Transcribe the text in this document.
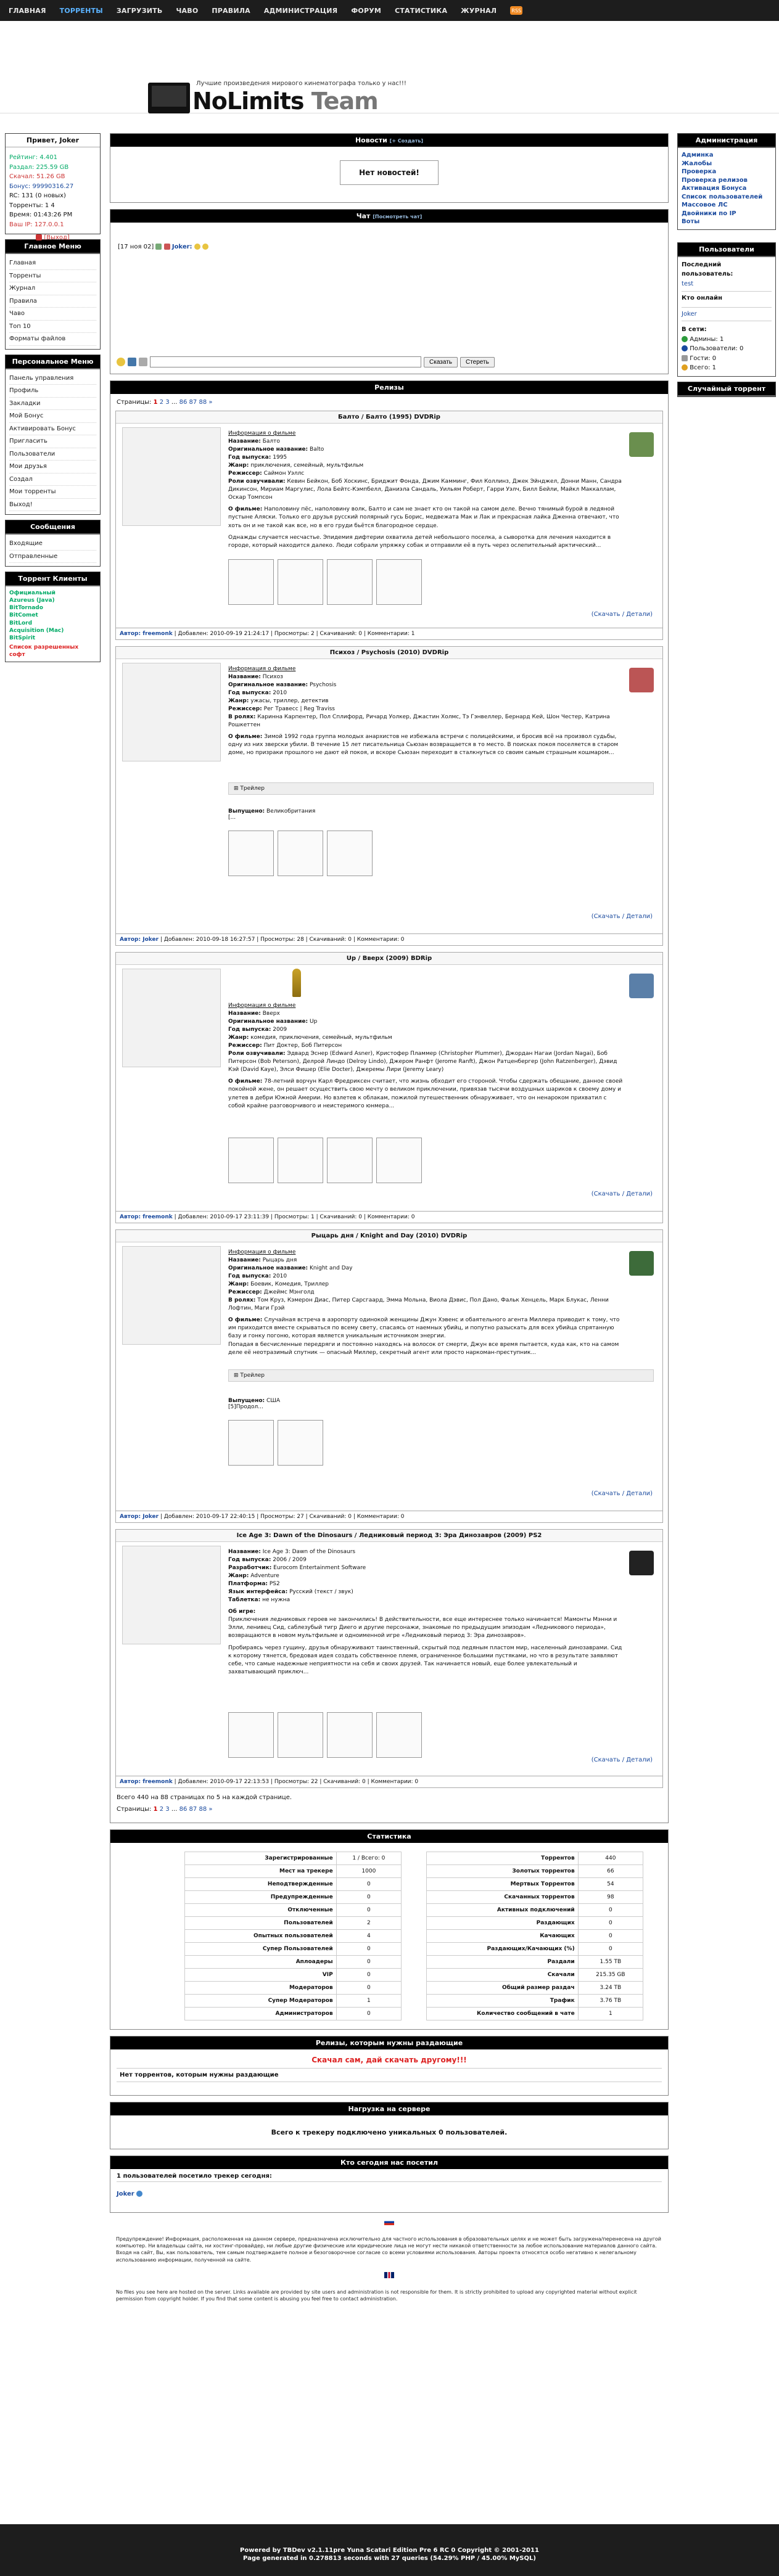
ГЛАВНАЯ	ТОРРЕНТЫ	ЗАГРУЗИТЬ	ЧАВО	ПРАВИЛА	АДМИНИСТРАЦИЯ	ФОРУМ	СТАТИСТИКА	ЖУРНАЛ	RSS
Лучшие произведения мирового кинематографа только у нас!!!
NoLimits Team
Привет, Joker
Рейтинг: 4.401
Раздал: 225.59 GB
Скачал: 51.26 GB
Бонус: 99990316.27
RC: 131 (0 новых)
Торренты: 1 4
Время: 01:43:26 PM
Ваш IP: 127.0.0.1
[Выход]
Главное Меню
Главная
Торренты
Журнал
Правила
Чаво
Топ 10
Форматы файлов
Персональное Меню
Панель управления
Профиль
Закладки
Мой Бонус
Активировать Бонус
Пригласить
Пользователи
Мои друзья
Создал
Мои торренты
Выход!
Сообщения
Входящие
Отправленные
Торрент Клиенты
Официальный
Azureus (Java)
BitTornado
BitComet
BitLord
Acquisition (Mac)
BitSpirit
Список разрешенных софт
Администрация
Админка
Жалобы
Проверка
Проверка релизов
Активация Бонуса
Список пользователей
Массовое ЛС
Двойники по IP
Воты
Пользователи
Последний пользователь:
test
Кто онлайн
Joker
В сети:
Админы: 1
Пользователи: 0
Гости: 0
Всего: 1
Случайный торрент
Новости [+ Создать]
Нет новостей!
Чат [Посмотреть чат]
[17 ноя 02]	Joker:
Сказать	Стереть
Релизы
Страницы: 1 2 3 ... 86 87 88 »
Балто / Балто (1995) DVDRip
Информация о фильме
Название: Балто
Оригинальное название: Balto
Год выпуска: 1995
Жанр: приключения, семейный, мультфильм
Режиссер: Саймон Уэллс
Роли озвучивали: Кевин Бейкон, Боб Хоскинс, Бриджит Фонда, Джим Камминг, Фил Коллинз, Джек Эйнджел, Донни Манн, Сандра Дикинсон, Мириам Маргулис, Лола Бейтс-Кэмпбелл, Даниэла Сандаль, Уильям Роберт, Гарри Уэлч, Билл Бейли, Майкл Маккаллам, Оскар Томпсон
О фильме: Наполовину пёс, наполовину волк, Балто и сам не знает кто он такой на самом деле. Вечно тянимый бурой в ледяной пустыне Аляски. Только его друзья русский полярный гусь Борис, медвежата Мак и Лак и прекрасная лайка Дженна отвечают, что хоть он и не такой как все, но в его груди бьётся благородное сердце.
Однажды случается несчастье. Эпидемия дифтерии охватила детей небольшого поселка, а сыворотка для лечения находится в городе, который находится далеко. Люди собрали упряжку собак и отправили её в путь через ослепительный арктический...
(Скачать / Детали)
Автор: freemonk | Добавлен: 2010-09-19 21:24:17 | Просмотры: 2 | Скачиваний: 0 | Комментарии: 1
Психоз / Psychosis (2010) DVDRip
Информация о фильме
Название: Психоз
Оригинальное название: Psychosis
Год выпуска: 2010
Жанр: ужасы, триллер, детектив
Режиссер: Рег Травесс | Reg Traviss
В ролях: Каринна Карпентер, Пол Сплифорд, Ричард Уолкер, Джастин Холмс, Тэ Гэнвеллер, Бернард Кей, Шон Честер, Катрина Рошкеттен
О фильме: Зимой 1992 года группа молодых анархистов не избежала встречи с полицейскими, и бросив всё на произвол судьбы, одну из них зверски убили. В течение 15 лет писательница Сьюзан возвращается в то место. В поисках покоя поселяется в старом доме, но призраки прошлого не дают ей покоя, и вскоре Сьюзан переходит в сталкнуться со своим самым страшным кошмаром...
⊞ Трейлер
Выпущено: Великобритания
[...
(Скачать / Детали)
Автор: Joker | Добавлен: 2010-09-18 16:27:57 | Просмотры: 28 | Скачиваний: 0 | Комментарии: 0
Up / Вверх (2009) BDRip
Информация о фильме
Название: Вверх
Оригинальное название: Up
Год выпуска: 2009
Жанр: комедия, приключения, семейный, мультфильм
Режиссер: Пит Доктер, Боб Питерсон
Роли озвучивали: Эдвард Эснер (Edward Asner), Кристофер Пламмер (Christopher Plummer), Джордан Нагаи (Jordan Nagai), Боб Питерсон (Bob Peterson), Делрой Линдо (Delroy Lindo), Джером Ранфт (Jerome Ranft), Джон Ратценбергер (John Ratzenberger), Дэвид Кэй (David Kaye), Элси Фишер (Elie Docter), Джеремы Лири (Jeremy Leary)
О фильме: 78-летний ворчун Карл Фредриксен считает, что жизнь обходит его стороной. Чтобы сдержать обещание, данное своей покойной жене, он решает осуществить свою мечту о великом приключении, привязав тысячи воздушных шариков к своему дому и улетев в дебри Южной Америи. Но взлетев к облакам, пожилой путешественник обнаруживает, что он ненароком прихватил с собой крайне разговорчивого и неистеримого юнмера...
(Скачать / Детали)
Автор: freemonk | Добавлен: 2010-09-17 23:11:39 | Просмотры: 1 | Скачиваний: 0 | Комментарии: 0
Рыцарь дня / Knight and Day (2010) DVDRip
Информация о фильме
Название: Рыцарь дня
Оригинальное название: Knight and Day
Год выпуска: 2010
Жанр: Боевик, Комедия, Триллер
Режиссер: Джеймс Мэнголд
В ролях: Том Круз, Кэмерон Диас, Питер Сарсгаард, Эмма Мольна, Виола Дэвис, Пол Дано, Фальк Хенцель, Марк Блукас, Ленни Лофтин, Маги Грэй
О фильме: Случайная встреча в аэропорту одинокой женщины Джун Хэвенс и обаятельного агента Миллера приводит к тому, что им приходится вместе скрываться по всему свету, спасаясь от наемных убийц, и попутно разыскать для всех убийца спрятанную базу и гонку погоню, которая является уникальным источником энергии.
Попадая в бесчисленные передряги и постоянно находясь на волосок от смерти, Джун все время пытается, куда как, кто на самом деле её неотразимый спутник — опасный Миллер, секретный агент или просто наркоман-преступник...
⊞ Трейлер
Выпущено: США
[5]Продол...
(Скачать / Детали)
Автор: Joker | Добавлен: 2010-09-17 22:40:15 | Просмотры: 27 | Скачиваний: 0 | Комментарии: 0
Ice Age 3: Dawn of the Dinosaurs / Ледниковый период 3: Эра Динозавров (2009) PS2
Название: Ice Age 3: Dawn of the Dinosaurs
Год выпуска: 2006 / 2009
Разработчик: Eurocom Entertainment Software
Жанр: Adventure
Платформа: PS2
Язык интерфейса: Русский (текст / звук)
Таблетка: не нужна
Об игре:
Приключения ледниковых героев не закончились! В действительности, все еще интереснее только начинается! Мамонты Мэнни и Элли, ленивец Сид, саблезубый тигр Диего и другие персонажи, знакомые по предыдущим эпизодам «Ледникового периода», возвращаются в новом мультфильме и одноименной игре «Ледниковый период 3: Эра динозавров».
Пробираясь через гущину, друзья обнаруживают таинственный, скрытый под ледяным пластом мир, населенный динозаврами. Сид к которому тянется, бредовая идея создать собственное племя, ограниченное большими пустяками, но что в результате заявляют себе, что самые надежные неприятности на себя и своих друзей. Так начинается новый, еще более увлекательный и захватывающий приключ...
(Скачать / Детали)
Автор: freemonk | Добавлен: 2010-09-17 22:13:53 | Просмотры: 22 | Скачиваний: 0 | Комментарии: 0
Всего 440 на 88 страницах по 5 на каждой странице.
Страницы: 1 2 3 ... 86 87 88 »
Статистика
Зарегистрированные	1 / Всего: 0
Мест на трекере	1000
Неподтвержденные	0
Предупрежденные	0
Отключенные	0
Пользователей	2
Опытных пользователей	4
Супер Пользователей	0
Аплоадеры	0
VIP	0
Модераторов	0
Супер Модераторов	1
Администраторов	0
Торрентов	440
Золотых торрентов	66
Мертвых Торрентов	54
Скачанных торрентов	98
Активных подключений	0
Раздающих	0
Качающих	0
Раздающих/Качающих (%)	0
Раздали	1.55 TB
Скачали	215.35 GB
Общий размер раздач	3.24 TB
Трафик	3.76 TB
Количество сообщений в чате	1
Релизы, которым нужны раздающие
Скачал сам, дай скачать другому!!!
Нет торрентов, которым нужны раздающие
Нагрузка на сервере
Всего к трекеру подключено уникальных 0 пользователей.
Кто сегодня нас посетил
1 пользователей посетило трекер сегодня:
Joker
Предупреждение! Информация, расположенная на данном сервере, предназначена исключительно для частного использования в образовательных целях и не может быть загружена/перенесена на другой компьютер. Ни владельцы сайта, ни хостинг-провайдер, ни любые другие физические или юридические лица не могут нести никакой ответственности за любое использование материалов данного сайта. Входя на сайт, Вы, как пользователь, тем самым подтверждаете полное и безоговорочное согласие со всеми условиями использования. Авторы проекта относятся особо негативно к нелегальному использованию информации, полученной на сайте.
No files you see here are hosted on the server. Links available are provided by site users and administration is not responsible for them. It is strictly prohibited to upload any copyrighted material without explicit permission from copyright holder. If you find that some content is abusing you feel free to contact administration.
Powered by TBDev v2.1.11pre Yuna Scatari Edition Pre 6 RC 0 Copyright © 2001-2011
Page generated in 0.278813 seconds with 27 queries (54.29% PHP / 45.00% MySQL)
